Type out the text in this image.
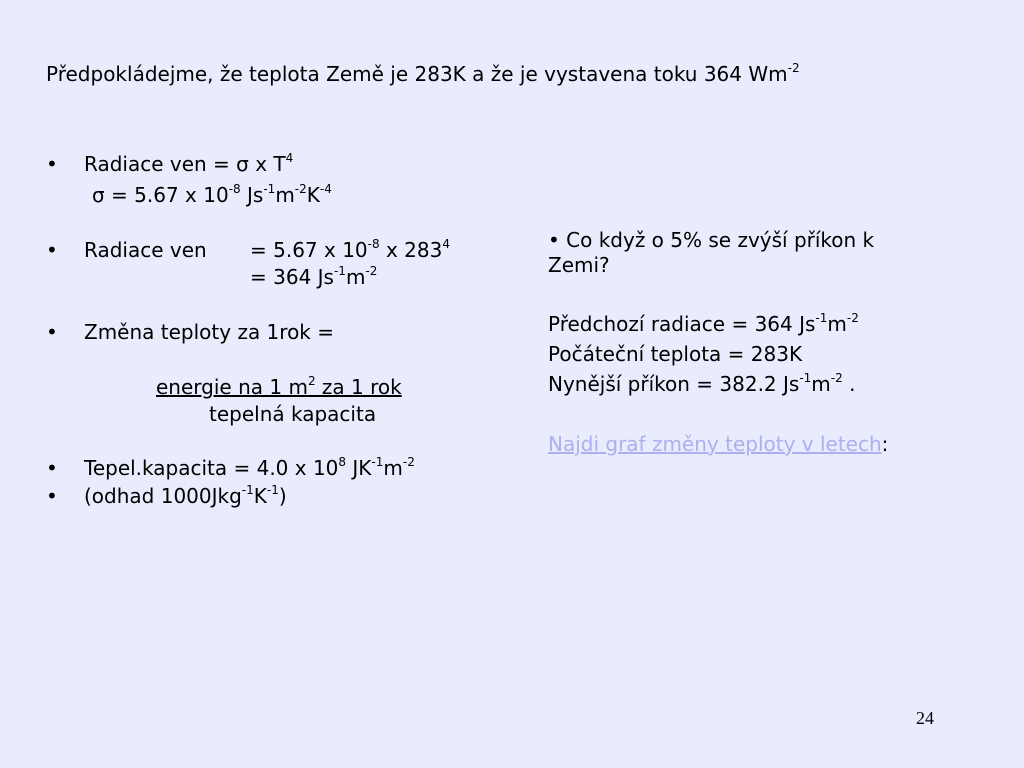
Předpokládejme, že teplota Země je 283K a že je vystavena toku 364 $Wm^{-2}$
• Radiace ven = σ x $T^4$
σ = 5.67 x $10^{-8}$ $Js^{-1}m^{-2}K^{-4}$
• Radiace ven = 5.67 x $10^{-8}$ x $283^4$
= 364 $Js^{-1}m^{-2}$
• Změna teploty za 1rok =
energie na 1 $m^2$ za 1 rok
tepelná kapacita
• Tepel.kapacita = 4.0 x $10^8$ $JK^{-1}m^{-2}$
• (odhad $1000Jkg^{-1}K^{-1}$)
• Co když o 5% se zvýší příkon k
Zemi?
Předchozí radiace = 364 $Js^{-1}m^{-2}$
Počáteční teplota = 283K
Nynější příkon = 382.2 $Js^{-1}m^{-2}$ .
Najdi graf změny teploty v letech:
24
